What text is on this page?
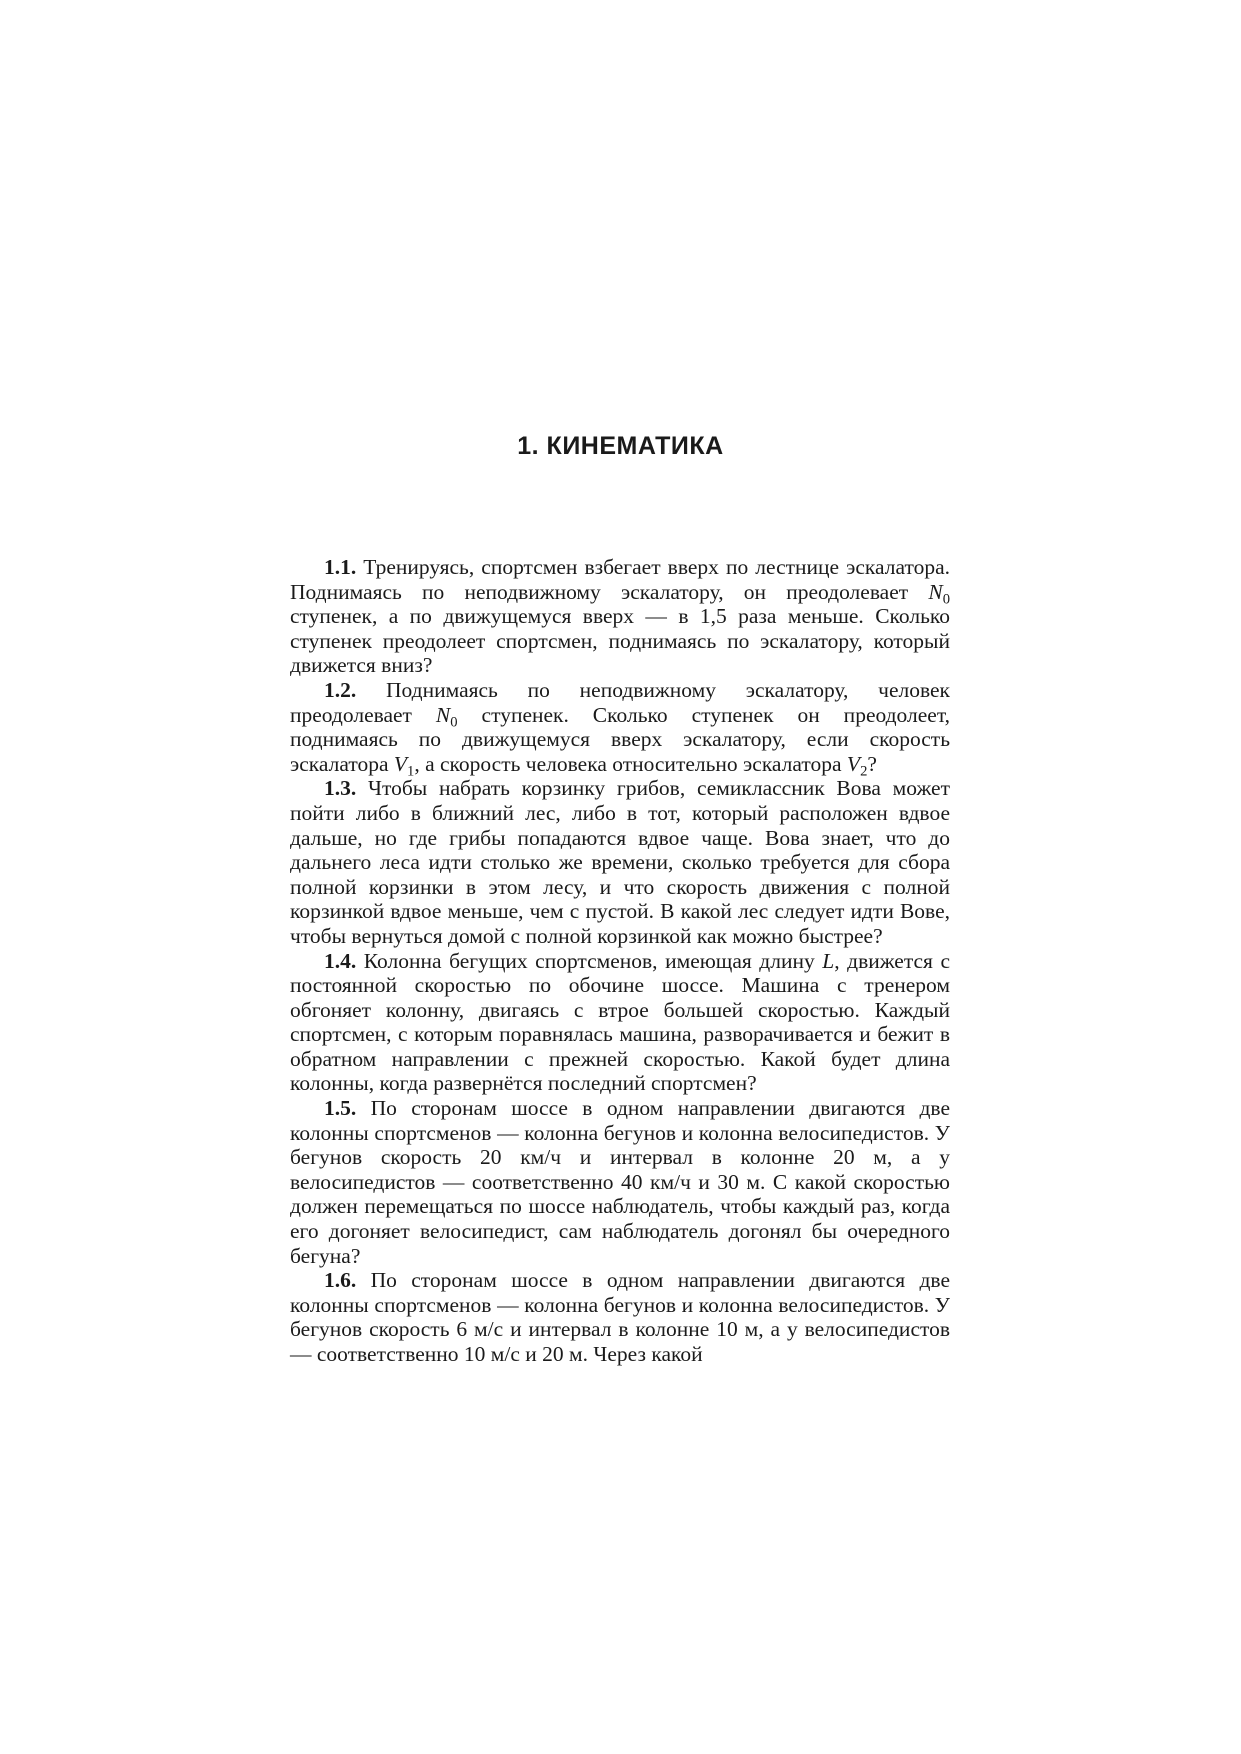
1. КИНЕМАТИКА

1.1. Тренируясь, спортсмен взбегает вверх по лестнице эскалатора. Поднимаясь по неподвижному эскалатору, он преодолевает $N_0$ ступенек, а по движущемуся вверх — в 1,5 раза меньше. Сколько ступенек преодолеет спортсмен, поднимаясь по эскалатору, который движется вниз?

1.2. Поднимаясь по неподвижному эскалатору, человек преодолевает $N_0$ ступенек. Сколько ступенек он преодолеет, поднимаясь по движущемуся вверх эскалатору, если скорость эскалатора $V_1$, а скорость человека относительно эскалатора $V_2$?

1.3. Чтобы набрать корзинку грибов, семиклассник Вова может пойти либо в ближний лес, либо в тот, который расположен вдвое дальше, но где грибы попадаются вдвое чаще. Вова знает, что до дальнего леса идти столько же времени, сколько требуется для сбора полной корзинки в этом лесу, и что скорость движения с полной корзинкой вдвое меньше, чем с пустой. В какой лес следует идти Вове, чтобы вернуться домой с полной корзинкой как можно быстрее?

1.4. Колонна бегущих спортсменов, имеющая длину L, движется с постоянной скоростью по обочине шоссе. Машина с тренером обгоняет колонну, двигаясь с втрое большей скоростью. Каждый спортсмен, с которым поравнялась машина, разворачивается и бежит в обратном направлении с прежней скоростью. Какой будет длина колонны, когда развернётся последний спортсмен?

1.5. По сторонам шоссе в одном направлении двигаются две колонны спортсменов — колонна бегунов и колонна велосипедистов. У бегунов скорость 20 км/ч и интервал в колонне 20 м, а у велосипедистов — соответственно 40 км/ч и 30 м. С какой скоростью должен перемещаться по шоссе наблюдатель, чтобы каждый раз, когда его догоняет велосипедист, сам наблюдатель догонял бы очередного бегуна?

1.6. По сторонам шоссе в одном направлении двигаются две колонны спортсменов — колонна бегунов и колонна велосипедистов. У бегунов скорость 6 м/с и интервал в колонне 10 м, а у велосипедистов — соответственно 10 м/с и 20 м. Через какой
